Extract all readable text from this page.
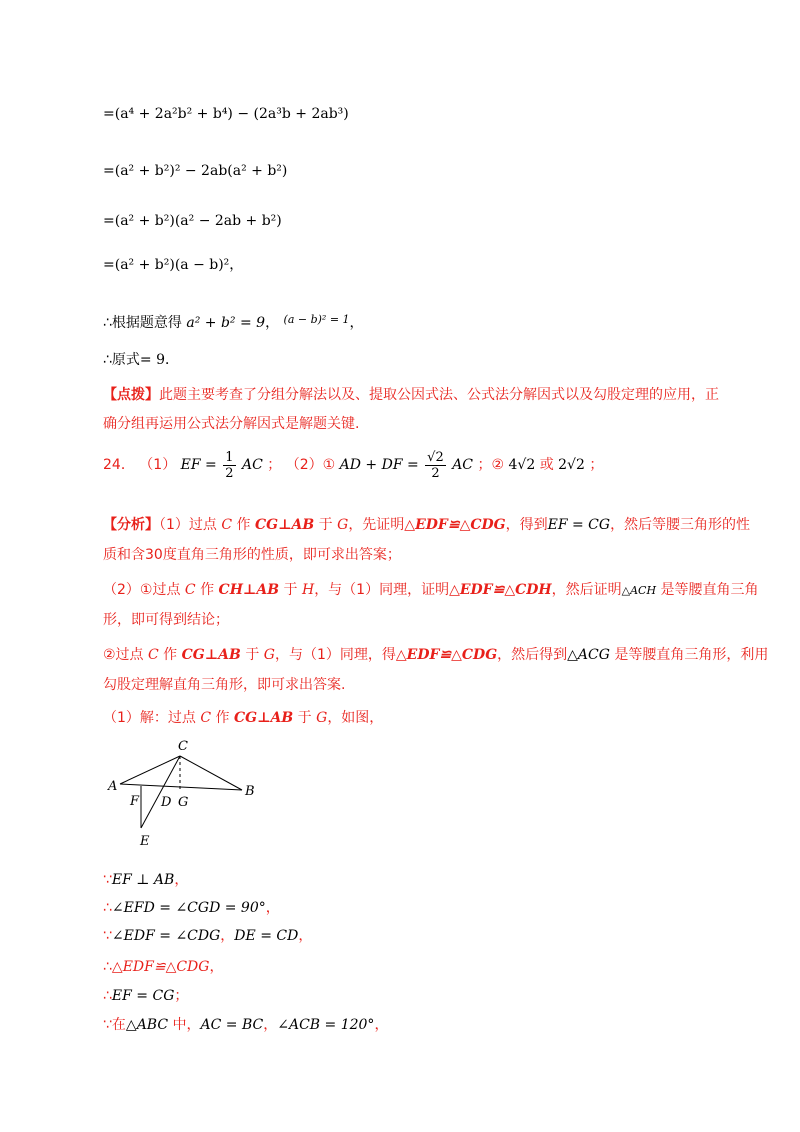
=(a⁴ + 2a²b² + b⁴) − (2a³b + 2ab³)
=(a² + b²)² − 2ab(a² + b²)
=(a² + b²)(a² − 2ab + b²)
=(a² + b²)(a − b)²，
∴根据题意得 a² + b² = 9， $^{(a - b)^2 = 1}$，
∴原式= 9．
【点拨】此题主要考查了分组分解法以及、提取公因式法、公式法分解因式以及勾股定理的应用，正
确分组再运用公式法分解因式是解题关键.
24． （1） EF = $\frac{1}{2}$ AC ； （2）① AD + DF = $\frac{√2}{2}$ AC ；② 4√2 或 2√2 ；
【分析】（1）过点 C 作 CG⊥AB 于 G，先证明△EDF≌△CDG，得到EF = CG，然后等腰三角形的性
质和含30度直角三角形的性质，即可求出答案；
（2）①过点 C 作 CH⊥AB 于 H，与（1）同理，证明△EDF≌△CDH，然后证明△ACH 是等腰直角三角
形，即可得到结论；
②过点 C 作 CG⊥AB 于 G，与（1）同理，得△EDF≌△CDG，然后得到△ACG 是等腰直角三角形，利用
勾股定理解直角三角形，即可求出答案.
（1）解：过点 C 作 CG⊥AB 于 G，如图，
C
A	B
F D G
E
∵EF ⊥ AB，
∴∠EFD = ∠CGD = 90°，
∵∠EDF = ∠CDG，DE = CD，
∴△EDF≌△CDG，
∴EF = CG；
∵在△ABC 中，AC = BC，∠ACB = 120°，
